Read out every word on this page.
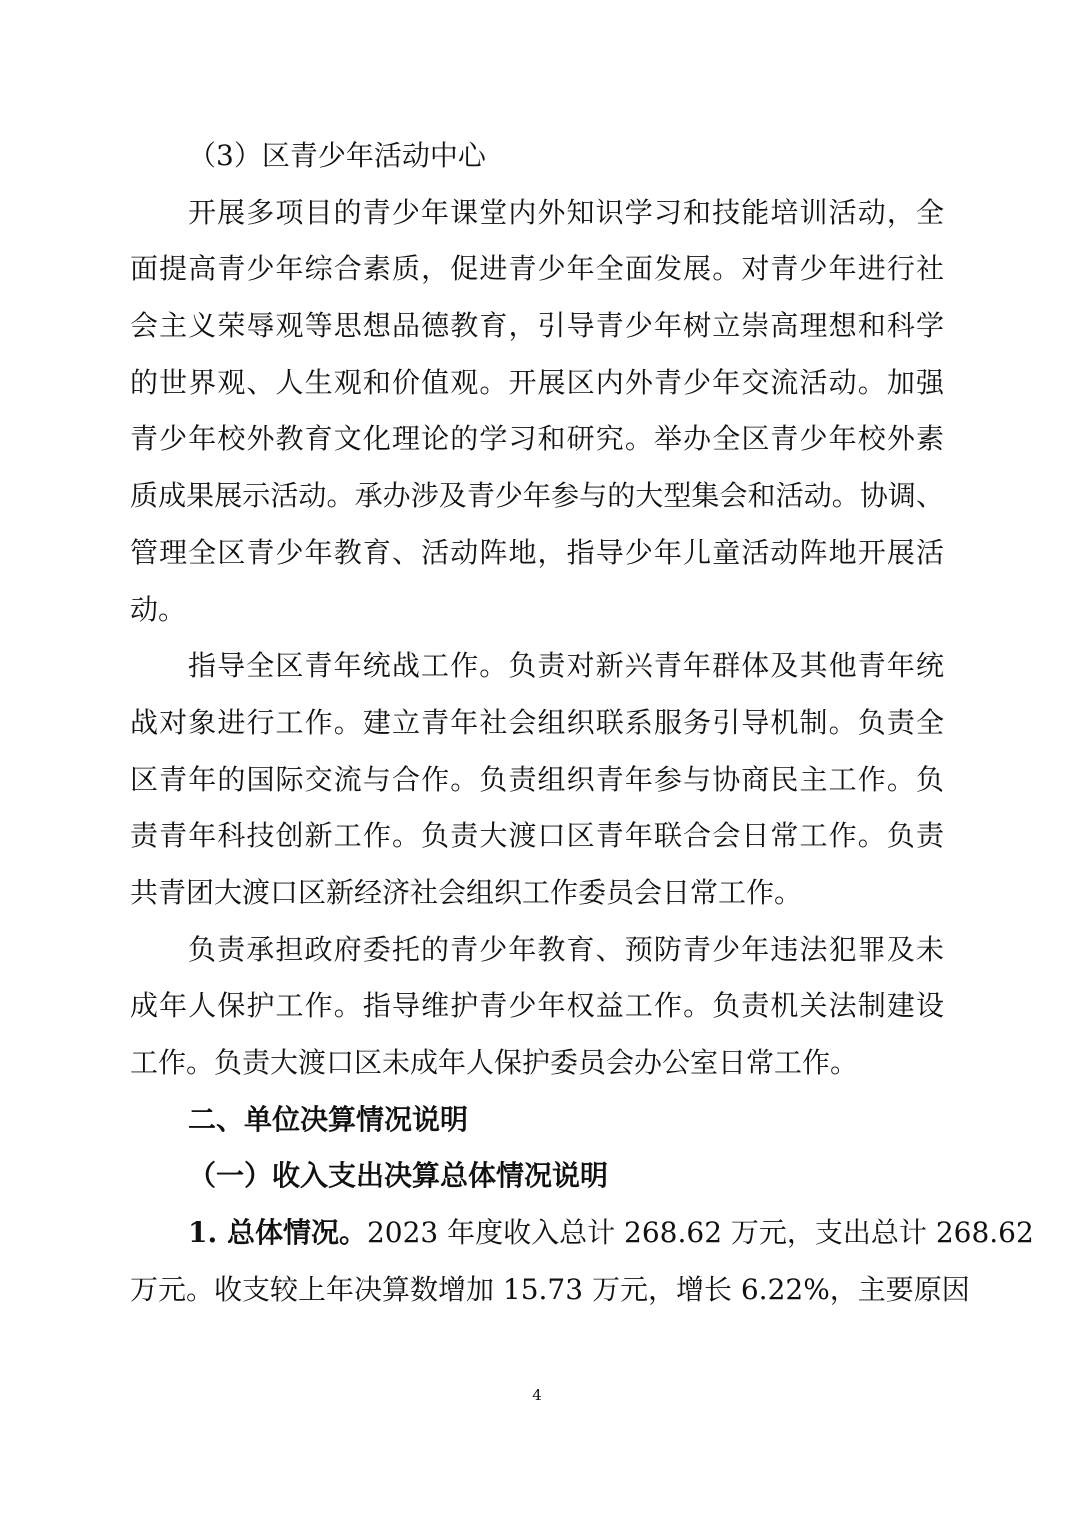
（3）区青少年活动中心
开展多项目的青少年课堂内外知识学习和技能培训活动，全
面提高青少年综合素质，促进青少年全面发展。对青少年进行社
会主义荣辱观等思想品德教育，引导青少年树立崇高理想和科学
的世界观、人生观和价值观。开展区内外青少年交流活动。加强
青少年校外教育文化理论的学习和研究。举办全区青少年校外素
质成果展示活动。承办涉及青少年参与的大型集会和活动。协调、
管理全区青少年教育、活动阵地，指导少年儿童活动阵地开展活
动。
指导全区青年统战工作。负责对新兴青年群体及其他青年统
战对象进行工作。建立青年社会组织联系服务引导机制。负责全
区青年的国际交流与合作。负责组织青年参与协商民主工作。负
责青年科技创新工作。负责大渡口区青年联合会日常工作。负责
共青团大渡口区新经济社会组织工作委员会日常工作。
负责承担政府委托的青少年教育、预防青少年违法犯罪及未
成年人保护工作。指导维护青少年权益工作。负责机关法制建设
工作。负责大渡口区未成年人保护委员会办公室日常工作。
二、单位决算情况说明
（一）收入支出决算总体情况说明
1. 总体情况。2023 年度收入总计 268.62 万元，支出总计 268.62
万元。收支较上年决算数增加 15.73 万元，增长 6.22%，主要原因
4
